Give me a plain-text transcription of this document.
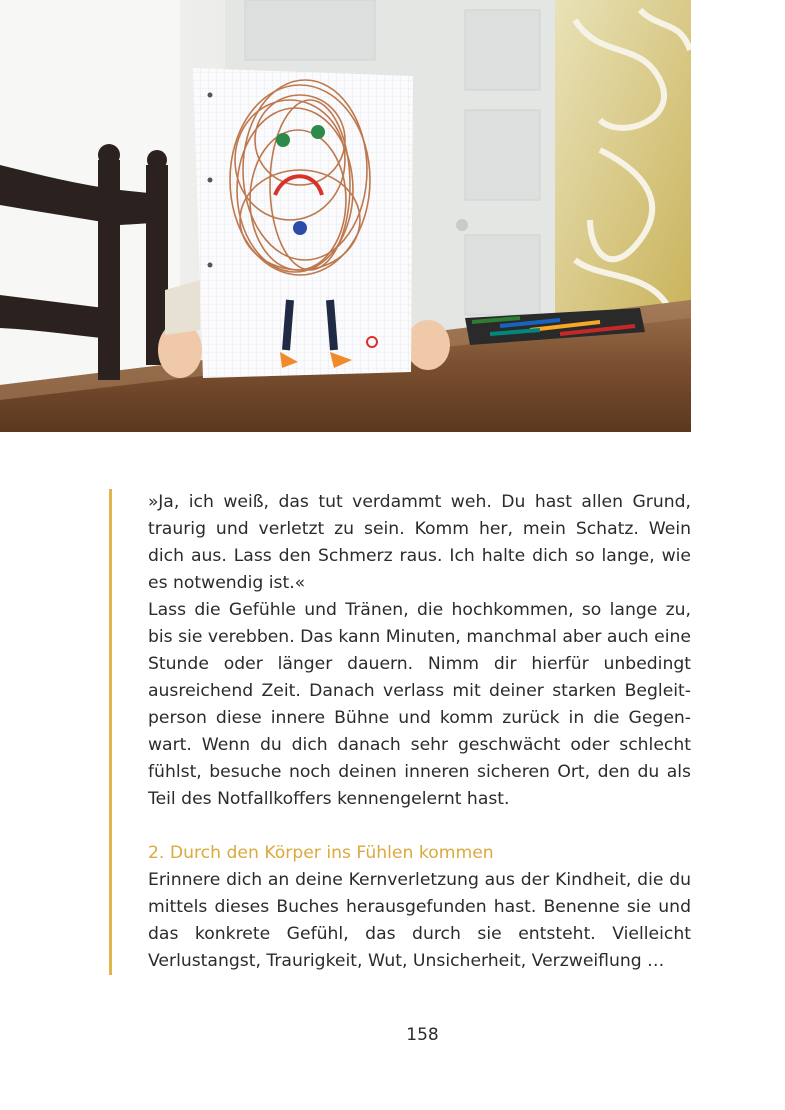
»Ja, ich weiß, das tut verdammt weh. Du hast allen Grund, traurig und verletzt zu sein. Komm her, mein Schatz. Wein dich aus. Lass den Schmerz raus. Ich halte dich so lange, wie es notwendig ist.«

Lass die Gefühle und Tränen, die hochkommen, so lange zu, bis sie verebben. Das kann Minuten, manchmal aber auch eine Stunde oder länger dauern. Nimm dir hierfür unbedingt ausreichend Zeit. Danach verlass mit deiner starken Begleitperson diese innere Bühne und komm zurück in die Gegenwart. Wenn du dich danach sehr geschwächt oder schlecht fühlst, besuche noch deinen inneren sicheren Ort, den du als Teil des Notfallkoffers kennengelernt hast.

2. Durch den Körper ins Fühlen kommen

Erinnere dich an deine Kernverletzung aus der Kindheit, die du mittels dieses Buches herausgefunden hast. Benenne sie und das konkrete Gefühl, das durch sie entsteht. Vielleicht Verlustangst, Traurigkeit, Wut, Unsicherheit, Verzweiflung …

158
